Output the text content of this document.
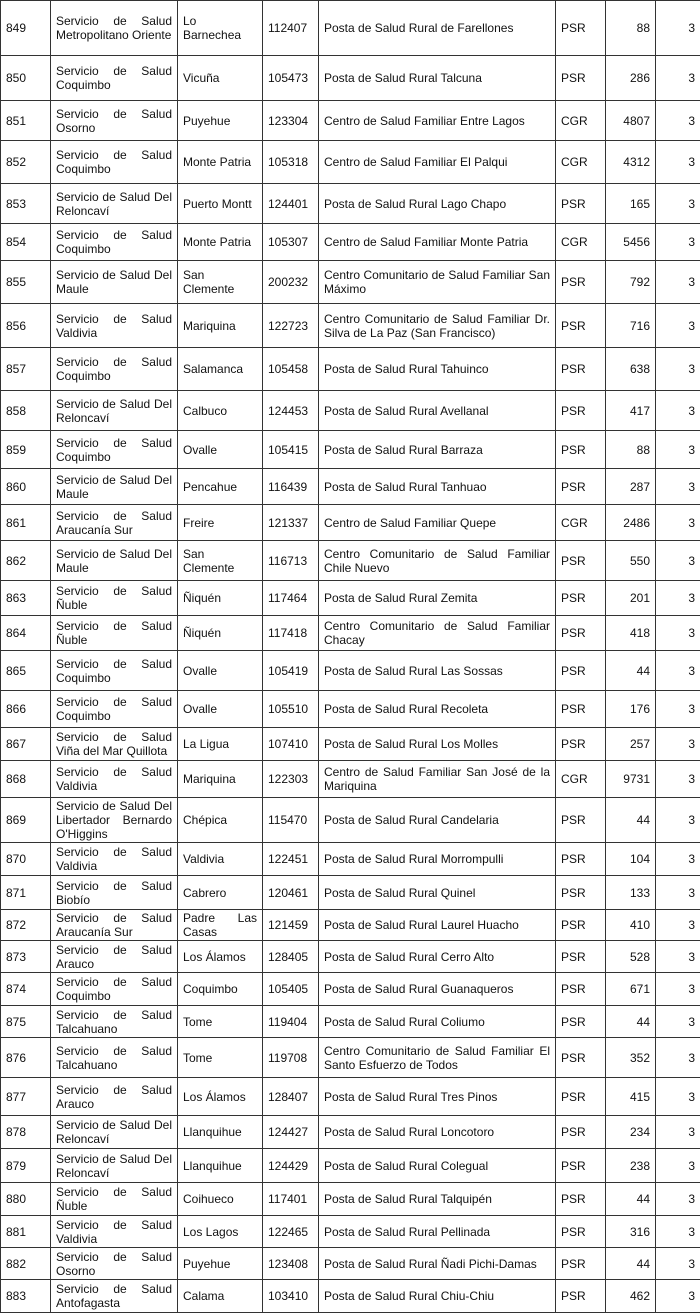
849	Servicio de Salud Metropolitano Oriente	Lo Barnechea	112407	Posta de Salud Rural de Farellones	PSR	88	3
850	Servicio de Salud Coquimbo	Vicuña	105473	Posta de Salud Rural Talcuna	PSR	286	3
851	Servicio de Salud Osorno	Puyehue	123304	Centro de Salud Familiar Entre Lagos	CGR	4807	3
852	Servicio de Salud Coquimbo	Monte Patria	105318	Centro de Salud Familiar El Palqui	CGR	4312	3
853	Servicio de Salud Del Reloncaví	Puerto Montt	124401	Posta de Salud Rural Lago Chapo	PSR	165	3
854	Servicio de Salud Coquimbo	Monte Patria	105307	Centro de Salud Familiar Monte Patria	CGR	5456	3
855	Servicio de Salud Del Maule	San Clemente	200232	Centro Comunitario de Salud Familiar San Máximo	PSR	792	3
856	Servicio de Salud Valdivia	Mariquina	122723	Centro Comunitario de Salud Familiar Dr. Silva de La Paz (San Francisco)	PSR	716	3
857	Servicio de Salud Coquimbo	Salamanca	105458	Posta de Salud Rural Tahuinco	PSR	638	3
858	Servicio de Salud Del Reloncaví	Calbuco	124453	Posta de Salud Rural Avellanal	PSR	417	3
859	Servicio de Salud Coquimbo	Ovalle	105415	Posta de Salud Rural Barraza	PSR	88	3
860	Servicio de Salud Del Maule	Pencahue	116439	Posta de Salud Rural Tanhuao	PSR	287	3
861	Servicio de Salud Araucanía Sur	Freire	121337	Centro de Salud Familiar Quepe	CGR	2486	3
862	Servicio de Salud Del Maule	San Clemente	116713	Centro Comunitario de Salud Familiar Chile Nuevo	PSR	550	3
863	Servicio de Salud Ñuble	Ñiquén	117464	Posta de Salud Rural Zemita	PSR	201	3
864	Servicio de Salud Ñuble	Ñiquén	117418	Centro Comunitario de Salud Familiar Chacay	PSR	418	3
865	Servicio de Salud Coquimbo	Ovalle	105419	Posta de Salud Rural Las Sossas	PSR	44	3
866	Servicio de Salud Coquimbo	Ovalle	105510	Posta de Salud Rural Recoleta	PSR	176	3
867	Servicio de Salud Viña del Mar Quillota	La Ligua	107410	Posta de Salud Rural Los Molles	PSR	257	3
868	Servicio de Salud Valdivia	Mariquina	122303	Centro de Salud Familiar San José de la Mariquina	CGR	9731	3
869	Servicio de Salud Del Libertador Bernardo O'Higgins	Chépica	115470	Posta de Salud Rural Candelaria	PSR	44	3
870	Servicio de Salud Valdivia	Valdivia	122451	Posta de Salud Rural Morrompulli	PSR	104	3
871	Servicio de Salud Biobío	Cabrero	120461	Posta de Salud Rural Quinel	PSR	133	3
872	Servicio de Salud Araucanía Sur	Padre Las Casas	121459	Posta de Salud Rural Laurel Huacho	PSR	410	3
873	Servicio de Salud Arauco	Los Álamos	128405	Posta de Salud Rural Cerro Alto	PSR	528	3
874	Servicio de Salud Coquimbo	Coquimbo	105405	Posta de Salud Rural Guanaqueros	PSR	671	3
875	Servicio de Salud Talcahuano	Tome	119404	Posta de Salud Rural Coliumo	PSR	44	3
876	Servicio de Salud Talcahuano	Tome	119708	Centro Comunitario de Salud Familiar El Santo Esfuerzo de Todos	PSR	352	3
877	Servicio de Salud Arauco	Los Álamos	128407	Posta de Salud Rural Tres Pinos	PSR	415	3
878	Servicio de Salud Del Reloncaví	Llanquihue	124427	Posta de Salud Rural Loncotoro	PSR	234	3
879	Servicio de Salud Del Reloncaví	Llanquihue	124429	Posta de Salud Rural Colegual	PSR	238	3
880	Servicio de Salud Ñuble	Coihueco	117401	Posta de Salud Rural Talquipén	PSR	44	3
881	Servicio de Salud Valdivia	Los Lagos	122465	Posta de Salud Rural Pellinada	PSR	316	3
882	Servicio de Salud Osorno	Puyehue	123408	Posta de Salud Rural Ñadi Pichi-Damas	PSR	44	3
883	Servicio de Salud Antofagasta	Calama	103410	Posta de Salud Rural Chiu-Chiu	PSR	462	3
